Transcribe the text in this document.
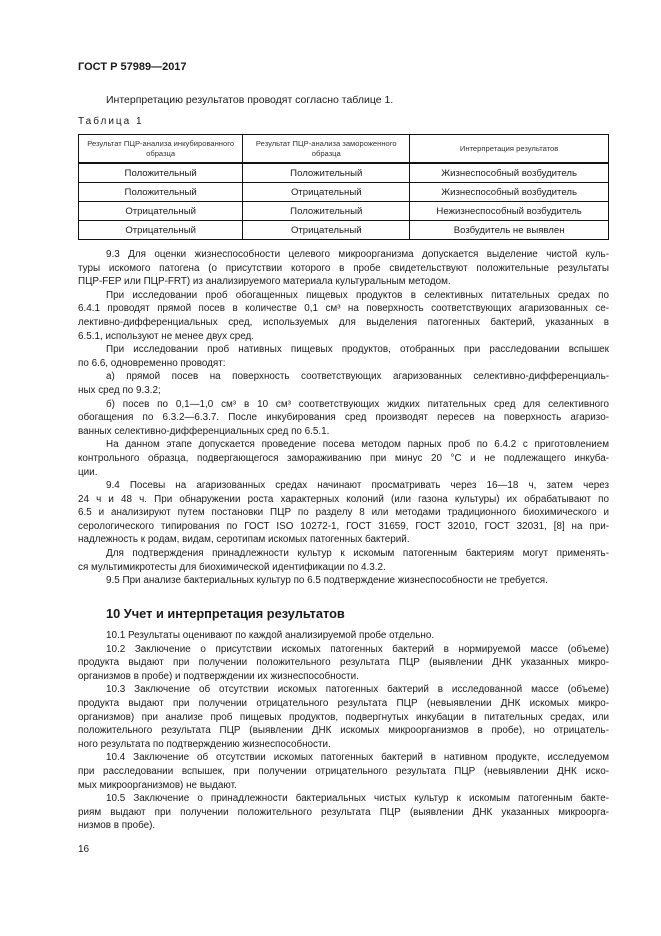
ГОСТ Р 57989—2017
Интерпретацию результатов проводят согласно таблице 1.
Таблица 1
Результат ПЦР-анализа инкубированного образца	Результат ПЦР-анализа замороженного образца	Интерпретация результатов
Положительный	Положительный	Жизнеспособный возбудитель
Положительный	Отрицательный	Жизнеспособный возбудитель
Отрицательный	Положительный	Нежизнеспособный возбудитель
Отрицательный	Отрицательный	Возбудитель не выявлен
9.3 Для оценки жизнеспособности целевого микроорганизма допускается выделение чистой куль-
туры искомого патогена (о присутствии которого в пробе свидетельствуют положительные результаты
ПЦР-FEP или ПЦР-FRT) из анализируемого материала культуральным методом.
При исследовании проб обогащенных пищевых продуктов в селективных питательных средах по
6.4.1 проводят прямой посев в количестве 0,1 см³ на поверхность соответствующих агаризованных се-
лективно-дифференциальных сред, используемых для выделения патогенных бактерий, указанных в
6.5.1, используют не менее двух сред.
При исследовании проб нативных пищевых продуктов, отобранных при расследовании вспышек
по 6.6, одновременно проводят:
а) прямой посев на поверхность соответствующих агаризованных селективно-дифференциаль-
ных сред по 9.3.2;
б) посев по 0,1—1,0 см³ в 10 см³ соответствующих жидких питательных сред для селективного
обогащения по 6.3.2—6.3.7. После инкубирования сред производят пересев на поверхность агаризо-
ванных селективно-дифференциальных сред по 6.5.1.
На данном этапе допускается проведение посева методом парных проб по 6.4.2 с приготовлением
контрольного образца, подвергающегося замораживанию при минус 20 °С и не подлежащего инкуба-
ции.
9.4 Посевы на агаризованных средах начинают просматривать через 16—18 ч, затем через
24 ч и 48 ч. При обнаружении роста характерных колоний (или газона культуры) их обрабатывают по
6.5 и анализируют путем постановки ПЦР по разделу 8 или методами традиционного биохимического и
серологического типирования по ГОСТ ISO 10272-1, ГОСТ 31659, ГОСТ 32010, ГОСТ 32031, [8] на при-
надлежность к родам, видам, серотипам искомых патогенных бактерий.
Для подтверждения принадлежности культур к искомым патогенным бактериям могут применять-
ся мультимикротесты для биохимической идентификации по 4.3.2.
9.5 При анализе бактериальных культур по 6.5 подтверждение жизнеспособности не требуется.
10 Учет и интерпретация результатов
10.1 Результаты оценивают по каждой анализируемой пробе отдельно.
10.2 Заключение о присутствии искомых патогенных бактерий в нормируемой массе (объеме)
продукта выдают при получении положительного результата ПЦР (выявлении ДНК указанных микро-
организмов в пробе) и подтверждении их жизнеспособности.
10.3 Заключение об отсутствии искомых патогенных бактерий в исследованной массе (объеме)
продукта выдают при получении отрицательного результата ПЦР (невыявлении ДНК искомых микро-
организмов) при анализе проб пищевых продуктов, подвергнутых инкубации в питательных средах, или
положительного результата ПЦР (выявлении ДНК искомых микроорганизмов в пробе), но отрицатель-
ного результата по подтверждению жизнеспособности.
10.4 Заключение об отсутствии искомых патогенных бактерий в нативном продукте, исследуемом
при расследовании вспышек, при получении отрицательного результата ПЦР (невыявлении ДНК иско-
мых микроорганизмов) не выдают.
10.5 Заключение о принадлежности бактериальных чистых культур к искомым патогенным бакте-
риям выдают при получении положительного результата ПЦР (выявлении ДНК указанных микроорга-
низмов в пробе).
16
